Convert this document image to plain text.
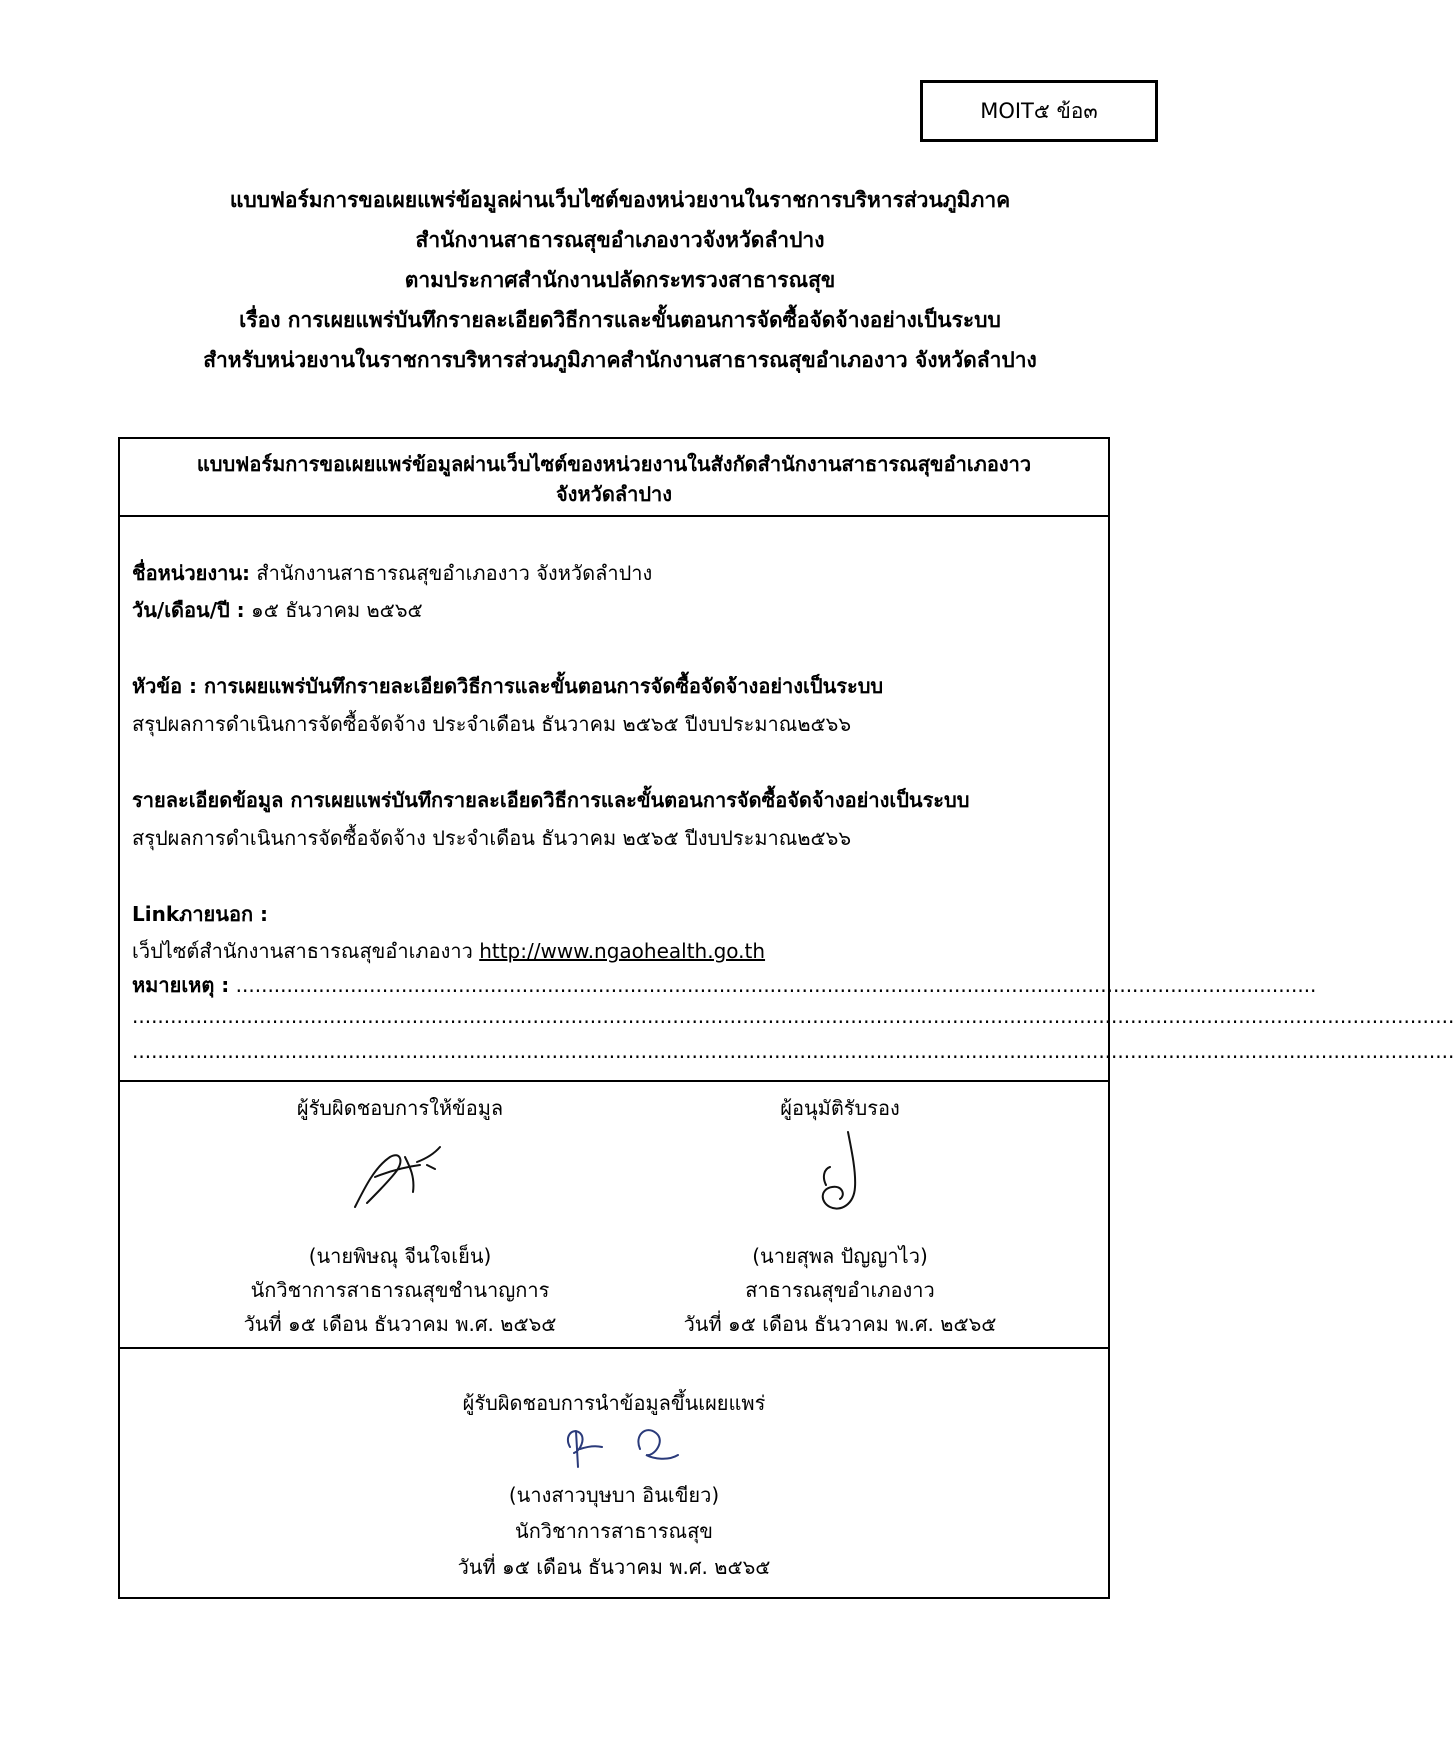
MOIT๕ ข้อ๓
แบบฟอร์มการขอเผยแพร่ข้อมูลผ่านเว็บไซต์ของหน่วยงานในราชการบริหารส่วนภูมิภาค
สำนักงานสาธารณสุขอำเภองาวจังหวัดลำปาง
ตามประกาศสำนักงานปลัดกระทรวงสาธารณสุข
เรื่อง การเผยแพร่บันทึกรายละเอียดวิธีการและขั้นตอนการจัดซื้อจัดจ้างอย่างเป็นระบบ
สำหรับหน่วยงานในราชการบริหารส่วนภูมิภาคสำนักงานสาธารณสุขอำเภองาว จังหวัดลำปาง
แบบฟอร์มการขอเผยแพร่ข้อมูลผ่านเว็บไซต์ของหน่วยงานในสังกัดสำนักงานสาธารณสุขอำเภองาว
จังหวัดลำปาง
ชื่อหน่วยงาน: สำนักงานสาธารณสุขอำเภองาว จังหวัดลำปาง
วัน/เดือน/ปี : ๑๕ ธันวาคม ๒๕๖๕
หัวข้อ : การเผยแพร่บันทึกรายละเอียดวิธีการและขั้นตอนการจัดซื้อจัดจ้างอย่างเป็นระบบ
สรุปผลการดำเนินการจัดซื้อจัดจ้าง ประจำเดือน ธันวาคม ๒๕๖๕ ปีงบประมาณ๒๕๖๖
รายละเอียดข้อมูล การเผยแพร่บันทึกรายละเอียดวิธีการและขั้นตอนการจัดซื้อจัดจ้างอย่างเป็นระบบ
สรุปผลการดำเนินการจัดซื้อจัดจ้าง ประจำเดือน ธันวาคม ๒๕๖๕ ปีงบประมาณ๒๕๖๖
Linkภายนอก :
เว็ปไซต์สำนักงานสาธารณสุขอำเภองาว http://www.ngaohealth.go.th
หมายเหตุ : ..........................................................................................................................................................................
................................................................................................................................................................................................................
................................................................................................................................................................................................................
ผู้รับผิดชอบการให้ข้อมูล
(นายพิษณุ จีนใจเย็น)
นักวิชาการสาธารณสุขชำนาญการ
วันที่ ๑๕ เดือน ธันวาคม พ.ศ. ๒๕๖๕
ผู้อนุมัติรับรอง
(นายสุพล ปัญญาไว)
สาธารณสุขอำเภองาว
วันที่ ๑๕ เดือน ธันวาคม พ.ศ. ๒๕๖๕
ผู้รับผิดชอบการนำข้อมูลขึ้นเผยแพร่
(นางสาวบุษบา อินเขียว)
นักวิชาการสาธารณสุข
วันที่ ๑๕ เดือน ธันวาคม พ.ศ. ๒๕๖๕
